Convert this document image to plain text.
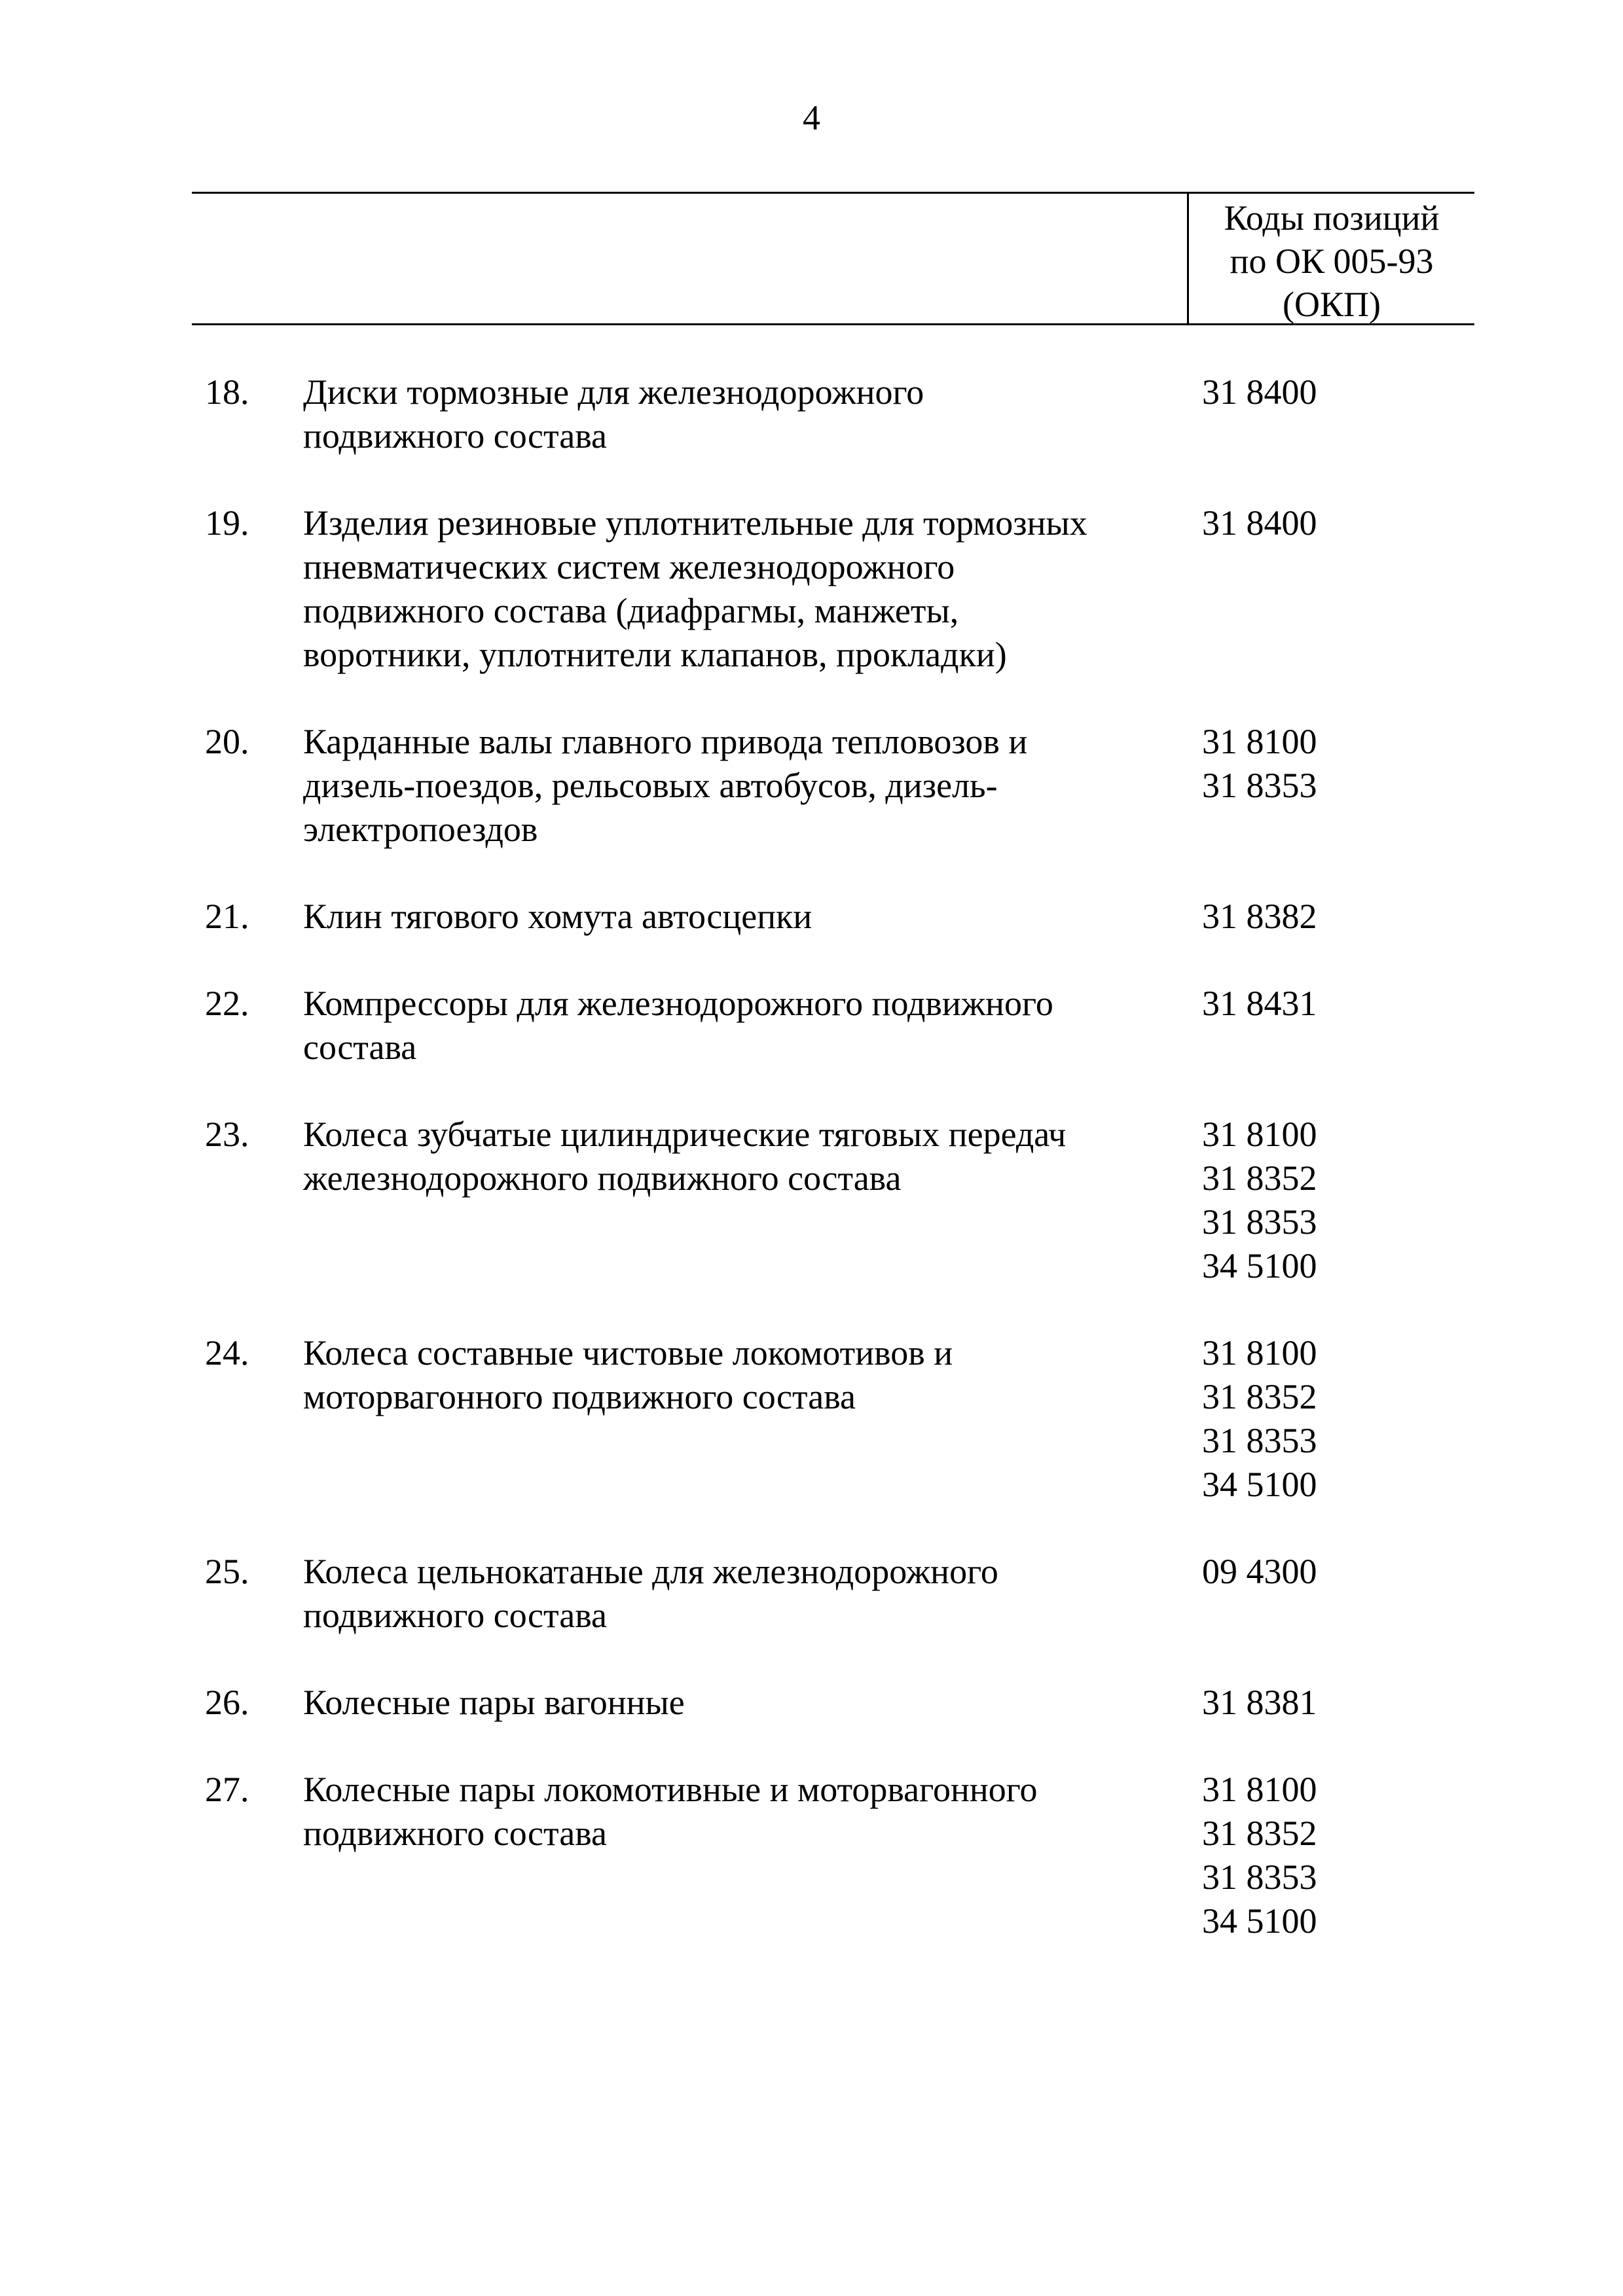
4
Коды позиций
по ОК 005-93
(ОКП)
18. Диски тормозные для железнодорожного
подвижного состава
31 8400
19. Изделия резиновые уплотнительные для тормозных
пневматических систем железнодорожного
подвижного состава (диафрагмы, манжеты,
воротники, уплотнители клапанов, прокладки)
31 8400
20. Карданные валы главного привода тепловозов и
дизель-поездов, рельсовых автобусов, дизель-
электропоездов
31 8100
31 8353
21. Клин тягового хомута автосцепки	31 8382
22. Компрессоры для железнодорожного подвижного
состава
31 8431
23. Колеса зубчатые цилиндрические тяговых передач
железнодорожного подвижного состава
31 8100
31 8352
31 8353
34 5100
24. Колеса составные чистовые локомотивов и
моторвагонного подвижного состава
31 8100
31 8352
31 8353
34 5100
25. Колеса цельнокатаные для железнодорожного
подвижного состава
09 4300
26. Колесные пары вагонные	31 8381
27. Колесные пары локомотивные и моторвагонного
подвижного состава
31 8100
31 8352
31 8353
34 5100
